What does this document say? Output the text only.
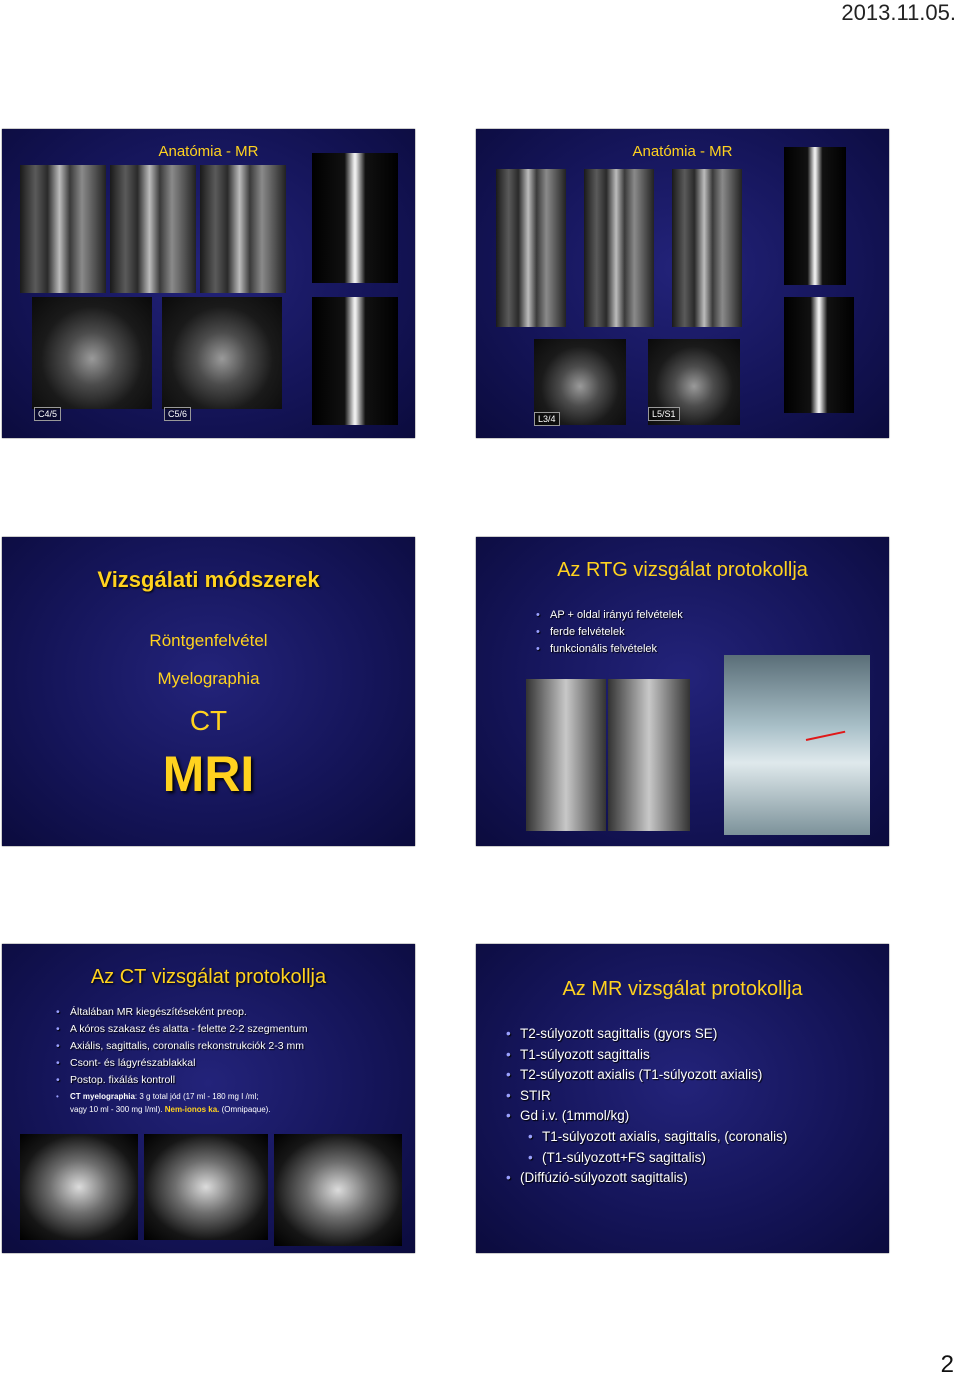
2013.11.05.
Anatómia - MR
C4/5	C5/6
Anatómia - MR
L3/4	L5/S1
Vizsgálati módszerek
Röntgenfelvétel
Myelographia
CT
MRI
Az RTG vizsgálat protokollja
• AP + oldal irányú felvételek
• ferde felvételek
• funkcionális felvételek
Az CT vizsgálat protokollja
• Általában MR kiegészítéseként preop.
• A kóros szakasz és alatta - felette 2-2 szegmentum
• Axiális, sagittalis, coronalis rekonstrukciók 2-3 mm
• Csont- és lágyrészablakkal
• Postop. fixálás kontroll
• CT myelographia: 3 g total jód (17 ml - 180 mg I /ml;
vagy 10 ml - 300 mg I/ml). Nem-ionos ka. (Omnipaque).
Az MR vizsgálat protokollja
• T2-súlyozott sagittalis (gyors SE)
• T1-súlyozott sagittalis
• T2-súlyozott axialis (T1-súlyozott axialis)
• STIR
• Gd i.v. (1mmol/kg)
• T1-súlyozott axialis, sagittalis, (coronalis)
• (T1-súlyozott+FS sagittalis)
• (Diffúzió-súlyozott sagittalis)
2
